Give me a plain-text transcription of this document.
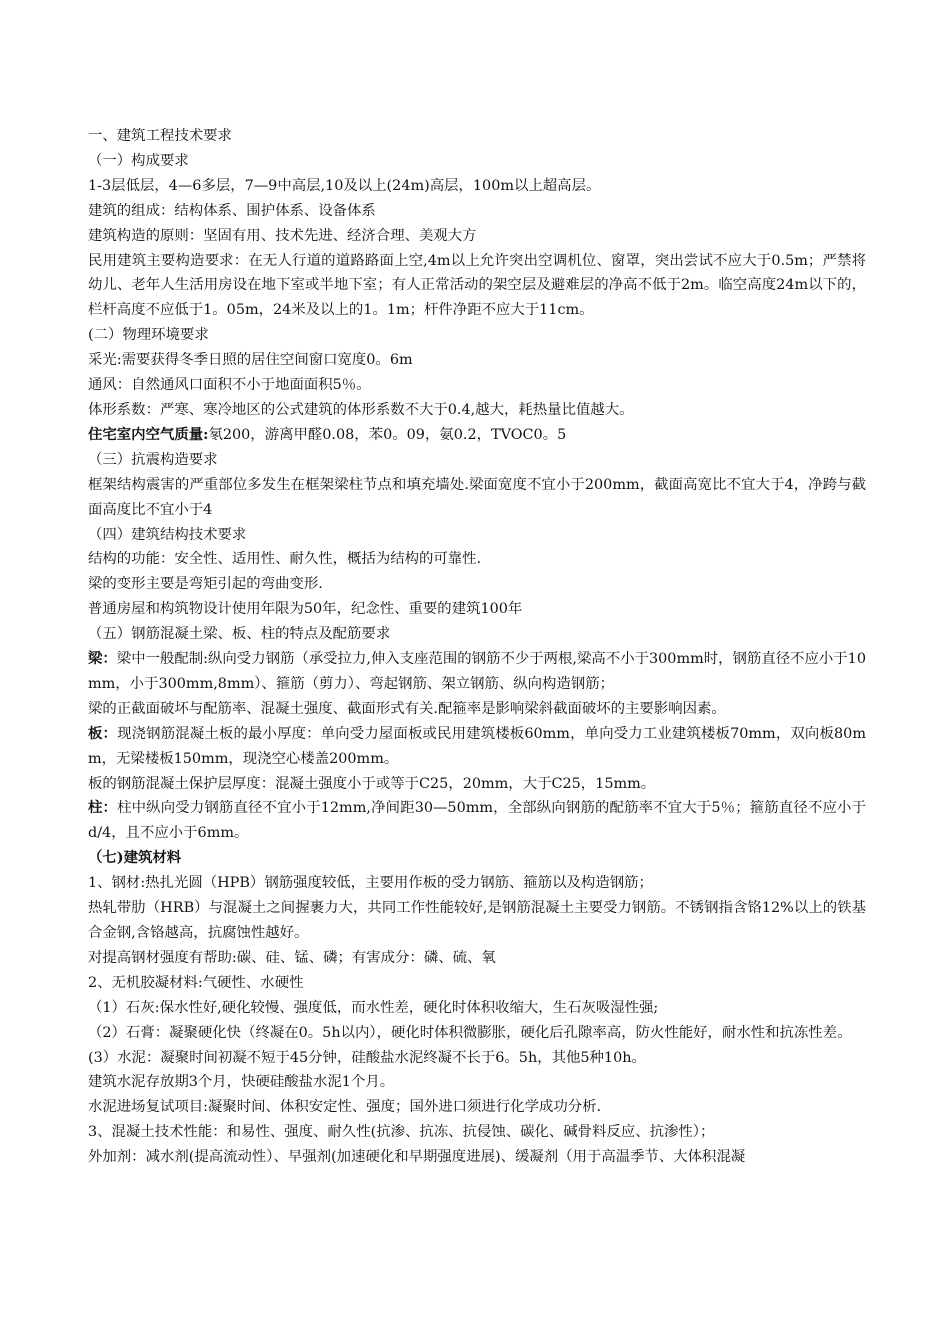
一、建筑工程技术要求

（一）构成要求

1-3层低层，4—6多层，7—9中高层,10及以上(24m)高层，100m以上超高层。

建筑的组成：结构体系、围护体系、设备体系

建筑构造的原则：坚固有用、技术先进、经济合理、美观大方

民用建筑主要构造要求：在无人行道的道路路面上空,4m以上允许突出空调机位、窗罩，突出尝试不应大于0.5m；严禁将幼儿、老年人生活用房设在地下室或半地下室；有人正常活动的架空层及避难层的净高不低于2m。临空高度24m以下的，栏杆高度不应低于1。05m，24米及以上的1。1m；杆件净距不应大于11cm。

(二）物理环境要求

采光:需要获得冬季日照的居住空间窗口宽度0。6m

通风：自然通风口面积不小于地面面积5％。

体形系数：严寒、寒冷地区的公式建筑的体形系数不大于0.4,越大，耗热量比值越大。

住宅室内空气质量:氡200，游离甲醛0.08，苯0。09，氨0.2，TVOC0。5

（三）抗震构造要求

框架结构震害的严重部位多发生在框架梁柱节点和填充墙处.梁面宽度不宜小于200mm，截面高宽比不宜大于4，净跨与截面高度比不宜小于4

（四）建筑结构技术要求

结构的功能：安全性、适用性、耐久性，概括为结构的可靠性.

梁的变形主要是弯矩引起的弯曲变形.

普通房屋和构筑物设计使用年限为50年，纪念性、重要的建筑100年

（五）钢筋混凝土梁、板、柱的特点及配筋要求

梁：梁中一般配制:纵向受力钢筋（承受拉力,伸入支座范围的钢筋不少于两根,梁高不小于300mm时，钢筋直径不应小于10mm，小于300mm,8mm）、箍筋（剪力）、弯起钢筋、架立钢筋、纵向构造钢筋；

梁的正截面破坏与配筋率、混凝土强度、截面形式有关.配箍率是影响梁斜截面破坏的主要影响因素。

板：现浇钢筋混凝土板的最小厚度：单向受力屋面板或民用建筑楼板60mm，单向受力工业建筑楼板70mm，双向板80mm，无梁楼板150mm，现浇空心楼盖200mm。

板的钢筋混凝土保护层厚度：混凝土强度小于或等于C25，20mm，大于C25，15mm。

柱：柱中纵向受力钢筋直径不宜小于12mm,净间距30—50mm，全部纵向钢筋的配筋率不宜大于5％；箍筋直径不应小于d/4，且不应小于6mm。

（七)建筑材料

1、钢材:热扎光圆（HPB）钢筋强度较低，主要用作板的受力钢筋、箍筋以及构造钢筋；

热轧带肋（HRB）与混凝土之间握裹力大，共同工作性能较好,是钢筋混凝土主要受力钢筋。不锈钢指含铬12%以上的铁基合金钢,含铬越高，抗腐蚀性越好。

对提高钢材强度有帮助:碳、硅、锰、磷；有害成分：磷、硫、氧

2、无机胶凝材料:气硬性、水硬性

（1）石灰:保水性好,硬化较慢、强度低，而水性差，硬化时体积收缩大，生石灰吸湿性强;

（2）石膏：凝聚硬化快（终凝在0。5h以内），硬化时体积微膨胀，硬化后孔隙率高，防火性能好，耐水性和抗冻性差。

(3）水泥：凝聚时间初凝不短于45分钟，硅酸盐水泥终凝不长于6。5h，其他5种10h。

建筑水泥存放期3个月，快硬硅酸盐水泥1个月。

水泥进场复试项目:凝聚时间、体积安定性、强度；国外进口须进行化学成功分析.

3、混凝土技术性能：和易性、强度、耐久性(抗渗、抗冻、抗侵蚀、碳化、碱骨料反应、抗渗性）；

外加剂：减水剂(提高流动性）、早强剂(加速硬化和早期强度进展)、缓凝剂（用于高温季节、大体积混凝
